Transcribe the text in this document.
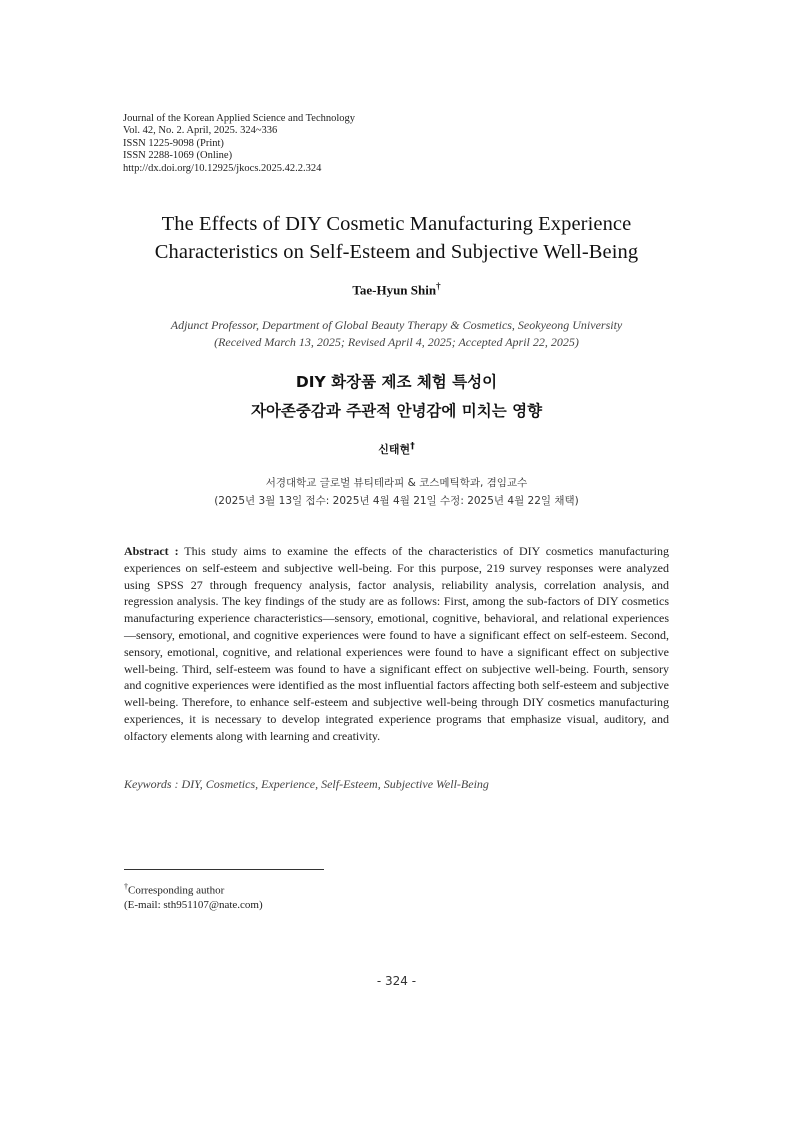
Journal of the Korean Applied Science and Technology
Vol. 42, No. 2. April, 2025. 324~336
ISSN 1225-9098 (Print)
ISSN 2288-1069 (Online)
http://dx.doi.org/10.12925/jkocs.2025.42.2.324
The Effects of DIY Cosmetic Manufacturing Experience
Characteristics on Self-Esteem and Subjective Well-Being
Tae-Hyun Shin†
Adjunct Professor, Department of Global Beauty Therapy & Cosmetics, Seokyeong University
(Received March 13, 2025; Revised April 4, 2025; Accepted April 22, 2025)
DIY 화장품 제조 체험 특성이
자아존중감과 주관적 안녕감에 미치는 영향
신태현†
서경대학교 글로벌 뷰티테라피 & 코스메틱학과, 겸임교수
(2025년 3월 13일 접수: 2025년 4월 4월 21일 수정: 2025년 4월 22일 채택)
Abstract : This study aims to examine the effects of the characteristics of DIY cosmetics manufacturing experiences on self-esteem and subjective well-being. For this purpose, 219 survey responses were analyzed using SPSS 27 through frequency analysis, factor analysis, reliability analysis, correlation analysis, and regression analysis. The key findings of the study are as follows: First, among the sub-factors of DIY cosmetics manufacturing experience characteristics—sensory, emotional, cognitive, behavioral, and relational experiences—sensory, emotional, and cognitive experiences were found to have a significant effect on self-esteem. Second, sensory, emotional, cognitive, and relational experiences were found to have a significant effect on subjective well-being. Third, self-esteem was found to have a significant effect on subjective well-being. Fourth, sensory and cognitive experiences were identified as the most influential factors affecting both self-esteem and subjective well-being. Therefore, to enhance self-esteem and subjective well-being through DIY cosmetics manufacturing experiences, it is necessary to develop integrated experience programs that emphasize visual, auditory, and olfactory elements along with learning and creativity.
Keywords : DIY, Cosmetics, Experience, Self-Esteem, Subjective Well-Being
†Corresponding author
(E-mail: sth951107@nate.com)
- 324 -
